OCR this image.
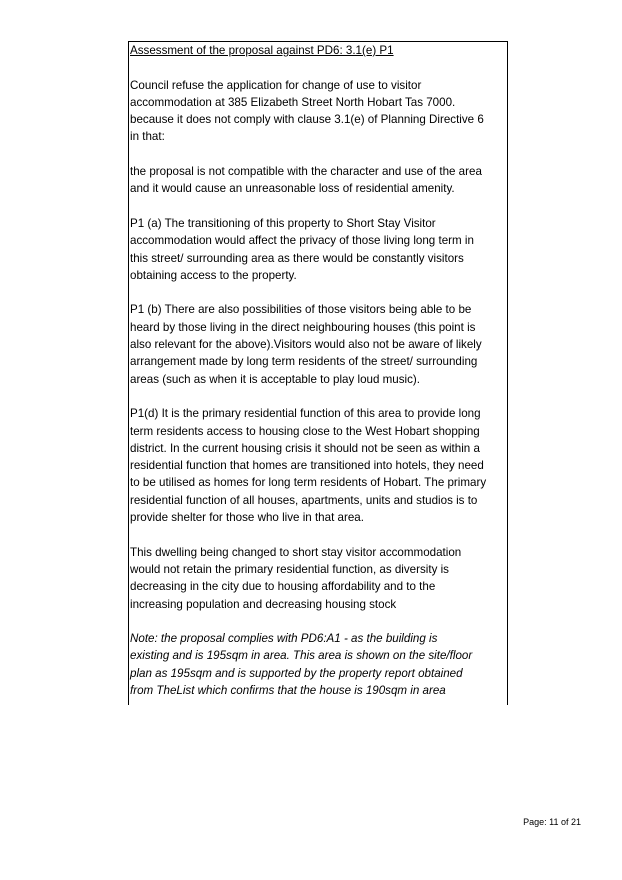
Assessment of the proposal against PD6: 3.1(e) P1

Council refuse the application for change of use to visitor
accommodation at 385 Elizabeth Street North Hobart Tas 7000.
because it does not comply with clause 3.1(e) of Planning Directive 6
in that:

the proposal is not compatible with the character and use of the area
and it would cause an unreasonable loss of residential amenity.

P1 (a) The transitioning of this property to Short Stay Visitor
accommodation would affect the privacy of those living long term in
this street/ surrounding area as there would be constantly visitors
obtaining access to the property.

P1 (b) There are also possibilities of those visitors being able to be
heard by those living in the direct neighbouring houses (this point is
also relevant for the above).Visitors would also not be aware of likely
arrangement made by long term residents of the street/ surrounding
areas (such as when it is acceptable to play loud music).

P1(d) It is the primary residential function of this area to provide long
term residents access to housing close to the West Hobart shopping
district. In the current housing crisis it should not be seen as within a
residential function that homes are transitioned into hotels, they need
to be utilised as homes for long term residents of Hobart. The primary
residential function of all houses, apartments, units and studios is to
provide shelter for those who live in that area.

This dwelling being changed to short stay visitor accommodation
would not retain the primary residential function, as diversity is
decreasing in the city due to housing affordability and to the
increasing population and decreasing housing stock

Note: the proposal complies with PD6:A1 - as the building is
existing and is 195sqm in area. This area is shown on the site/floor
plan as 195sqm and is supported by the property report obtained
from TheList which confirms that the house is 190sqm in area

Page: 11 of 21
